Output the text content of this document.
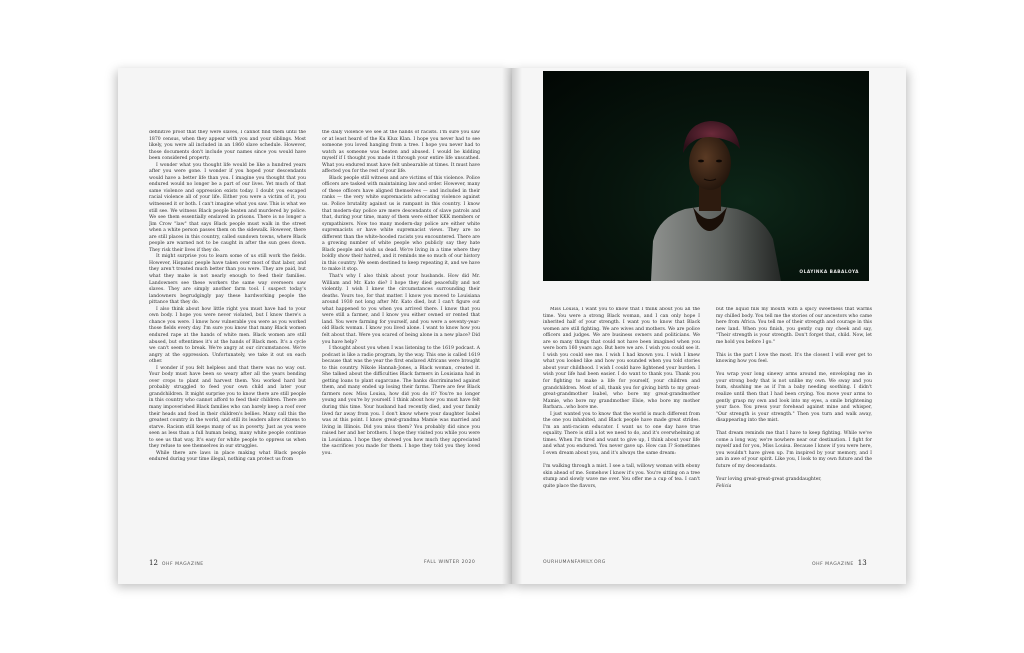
definitive proof that they were slaves, I cannot find them until the 1870 census, when they appear with you and your siblings. Most likely, you were all included in an 1860 slave schedule. However, those documents don't include your names since you would have been considered property.

I wonder what you thought life would be like a hundred years after you were gone. I wonder if you hoped your descendants would have a better life than you. I imagine you thought that you endured would no longer be a part of our lives. Yet much of that same violence and oppression exists today. I doubt you escaped racial violence all of your life. Either you were a victim of it, you witnessed it or both. I can't imagine what you saw. This is what we still see. We witness Black people beaten and murdered by police. We see them essentially enslaved in prisons. There is no longer a Jim Crow "law" that says Black people must walk in the street when a white person passes them on the sidewalk. However, there are still places in this country, called sundown towns, where Black people are warned not to be caught in after the sun goes down. They risk their lives if they do.

It might surprise you to learn some of us still work the fields. However, Hispanic people have taken over most of that labor, and they aren't treated much better than you were. They are paid, but what they make is not nearly enough to feed their families. Landowners see these workers the same way overseers saw slaves. They are simply another farm tool. I suspect today's landowners begrudgingly pay these hardworking people the pittance that they do.

I also think about how little right you must have had to your own body. I hope you were never violated, but I know there's a chance you were. I know how vulnerable you were as you worked those fields every day. I'm sure you know that many Black women endured rape at the hands of white men. Black women are still abused, but oftentimes it's at the hands of Black men. It's a cycle we can't seem to break. We're angry at our circumstances. We're angry at the oppression. Unfortunately, we take it out on each other.

I wonder if you felt helpless and that there was no way out. Your body must have been so weary after all the years bending over crops to plant and harvest them. You worked hard but probably struggled to feed your own child and later your grandchildren. It might surprise you to know there are still people in this country who cannot afford to feed their children. There are many impoverished Black families who can barely keep a roof over their heads and food in their children's bellies. Many call this the greatest country in the world, and still its leaders allow citizens to starve. Racism still keeps many of us in poverty. Just as you were seen as less than a full human being, many white people continue to see us that way. It's easy for white people to oppress us when they refuse to see themselves in our struggles.

While there are laws in place making what Black people endured during your time illegal, nothing can protect us from

the daily violence we see at the hands of racists. I'm sure you saw or at least heard of the Ku Klux Klan. I hope you never had to see someone you loved hanging from a tree. I hope you never had to watch as someone was beaten and abused. I would be kidding myself if I thought you made it through your entire life unscathed. What you endured must have felt unbearable at times. It must have affected you for the rest of your life.

Black people still witness and are victims of this violence. Police officers are tasked with maintaining law and order. However, many of these officers have aligned themselves — and included in their ranks — the very white supremacists advocating violence against us. Police brutality against us is rampant in this country. I know that modern-day police are mere descendants of slave patrols and that, during your time, many of them were either KKK members or sympathizers. Now too many modern-day police are either white supremacists or have white supremacist views. They are no different than the white-hooded racists you encountered. There are a growing number of white people who publicly say they hate Black people and wish us dead. We're living in a time where they boldly show their hatred, and it reminds me so much of our history in this country. We seem destined to keep repeating it, and we have to make it stop.

That's why I also think about your husbands. How did Mr. William and Mr. Kato die? I hope they died peacefully and not violently. I wish I knew the circumstances surrounding their deaths. Yours too, for that matter. I know you moved to Louisiana around 1930 not long after Mr. Kato died, but I can't figure out what happened to you when you arrived there. I know that you were still a farmer, and I know you either owned or rented that land. You were farming for yourself, and you were a seventy-year-old Black woman. I know you lived alone. I want to know how you felt about that. Were you scared of being alone in a new place? Did you have help?

I thought about you when I was listening to the 1619 podcast. A podcast is like a radio program, by the way. This one is called 1619 because that was the year the first enslaved Africans were brought to this country. Nikole Hannah-Jones, a Black woman, created it. She talked about the difficulties Black farmers in Louisiana had in getting loans to plant sugarcane. The banks discriminated against them, and many ended up losing their farms. There are few Black farmers now. Miss Louisa, how did you do it? You're no longer young and you're by yourself. I think about how you must have felt during this time. Your husband had recently died, and your family lived far away from you. I don't know where your daughter Isabel was at this point. I know great-grandma Mamie was married and living in Illinois. Did you miss them? You probably did since you raised her and her brothers. I hope they visited you while you were in Louisiana. I hope they showed you how much they appreciated the sacrifices you made for them. I hope they told you they loved you.

12 OHF MAGAZINE	FALL WINTER 2020
OLAYINKA BABALOYA

Miss Louisa, I want you to know that I think about you all the time. You were a strong Black woman, and I can only hope I inherited half of your strength. I want you to know that Black women are still fighting. We are wives and mothers. We are police officers and judges. We are business owners and politicians. We are so many things that could not have been imagined when you were born 160 years ago. But here we are. I wish you could see it. I wish you could see me. I wish I had known you. I wish I knew what you looked like and how you sounded when you told stories about your childhood. I wish I could have lightened your burden. I wish your life had been easier. I do want to thank you. Thank you for fighting to make a life for yourself, your children and grandchildren. Most of all, thank you for giving birth to my great-great-grandmother Isabel, who bore my great-grandmother Mamie, who bore my grandmother Elsie, who bore my mother Barbara...who bore me.

I just wanted you to know that the world is much different from the one you inhabited, and Black people have made great strides. I'm an anti-racism educator. I want us to one day have true equality. There is still a lot we need to do, and it's overwhelming at times. When I'm tired and want to give up, I think about your life and what you endured. You never gave up. How can I? Sometimes I even dream about you, and it's always the same dream:

I'm walking through a mist. I see a tall, willowy woman with ebony skin ahead of me. Somehow I know it's you. You're sitting on a tree stump and slowly wave me over. You offer me a cup of tea. I can't quite place the flavors,

but the liquid fills my mouth with a spicy sweetness that warms my chilled body. You tell me the stories of our ancestors who came here from Africa. You tell me of their strength and courage in this new land. When you finish, you gently cup my cheek and say, "Their strength is your strength. Don't forget that, child. Now, let me hold you before I go."

This is the part I love the most. It's the closest I will ever get to knowing how you feel.

You wrap your long sinewy arms around me, enveloping me in your strong body that is not unlike my own. We sway and you hum, shushing me as if I'm a baby needing soothing. I didn't realize until then that I had been crying. You move your arms to gently grasp my own and look into my eyes, a smile brightening your face. You press your forehead against mine and whisper, "Our strength is your strength." Then you turn and walk away, disappearing into the mist.

That dream reminds me that I have to keep fighting. While we've come a long way, we're nowhere near our destination. I fight for myself and for you, Miss Louisa. Because I know if you were here, you wouldn't have given up. I'm inspired by your memory, and I am in awe of your spirit. Like you, I look to my own future and the future of my descendants.

Your loving great-great-great granddaughter,

Felicia

OURHUMANFAMILY.ORG	OHF MAGAZINE 13
